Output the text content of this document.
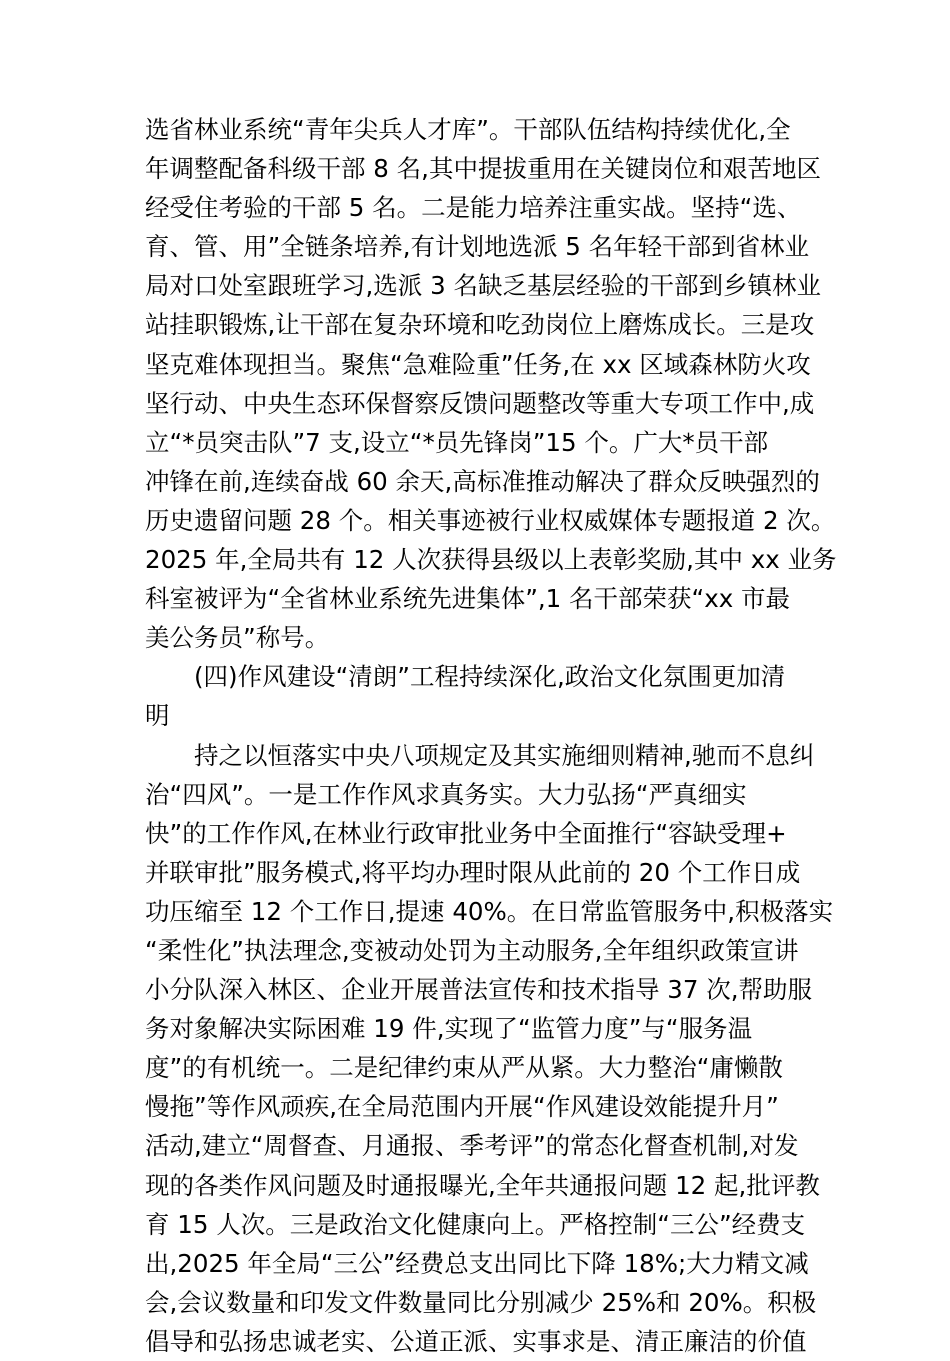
选省林业系统“青年尖兵人才库”。干部队伍结构持续优化,全
年调整配备科级干部 8 名,其中提拔重用在关键岗位和艰苦地区
经受住考验的干部 5 名。二是能力培养注重实战。坚持“选、
育、管、用”全链条培养,有计划地选派 5 名年轻干部到省林业
局对口处室跟班学习,选派 3 名缺乏基层经验的干部到乡镇林业
站挂职锻炼,让干部在复杂环境和吃劲岗位上磨炼成长。三是攻
坚克难体现担当。聚焦“急难险重”任务,在 xx 区域森林防火攻
坚行动、中央生态环保督察反馈问题整改等重大专项工作中,成
立“*员突击队”7 支,设立“*员先锋岗”15 个。广大*员干部
冲锋在前,连续奋战 60 余天,高标准推动解决了群众反映强烈的
历史遗留问题 28 个。相关事迹被行业权威媒体专题报道 2 次。
2025 年,全局共有 12 人次获得县级以上表彰奖励,其中 xx 业务
科室被评为“全省林业系统先进集体”,1 名干部荣获“xx 市最
美公务员”称号。
(四)作风建设“清朗”工程持续深化,政治文化氛围更加清
明
持之以恒落实中央八项规定及其实施细则精神,驰而不息纠
治“四风”。一是工作作风求真务实。大力弘扬“严真细实
快”的工作作风,在林业行政审批业务中全面推行“容缺受理+
并联审批”服务模式,将平均办理时限从此前的 20 个工作日成
功压缩至 12 个工作日,提速 40%。在日常监管服务中,积极落实
“柔性化”执法理念,变被动处罚为主动服务,全年组织政策宣讲
小分队深入林区、企业开展普法宣传和技术指导 37 次,帮助服
务对象解决实际困难 19 件,实现了“监管力度”与“服务温
度”的有机统一。二是纪律约束从严从紧。大力整治“庸懒散
慢拖”等作风顽疾,在全局范围内开展“作风建设效能提升月”
活动,建立“周督查、月通报、季考评”的常态化督查机制,对发
现的各类作风问题及时通报曝光,全年共通报问题 12 起,批评教
育 15 人次。三是政治文化健康向上。严格控制“三公”经费支
出,2025 年全局“三公”经费总支出同比下降 18%;大力精文减
会,会议数量和印发文件数量同比分别减少 25%和 20%。积极
倡导和弘扬忠诚老实、公道正派、实事求是、清正廉洁的价值
